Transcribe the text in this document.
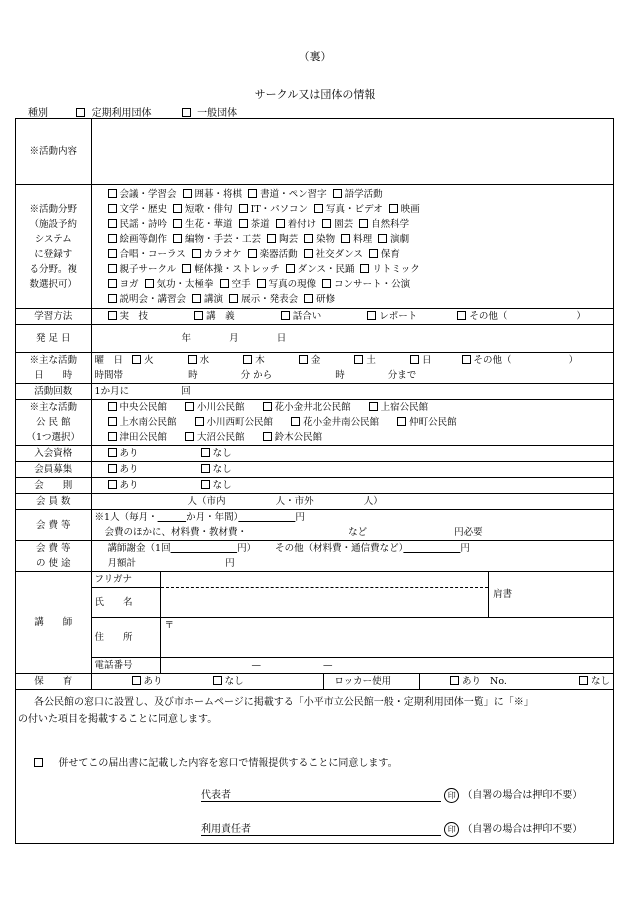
（裏）
サークル又は団体の情報
種別	定期利用団体	一般団体
※活動内容	

※活動分野
（施設予約
システム
に登録す
る分野。複
数選択可）

会議・学習会 囲碁・将棋 書道・ペン習字 語学活動
文学・歴史 短歌・俳句 IT・パソコン 写真・ビデオ 映画
民謡・詩吟 生花・華道 茶道 着付け 園芸 自然科学
絵画等創作 編物・手芸・工芸 陶芸 染物 料理 演劇
合唱・コーラス カラオケ 楽器活動 社交ダンス 保育
親子サークル 軽体操・ストレッチ ダンス・民踊 リトミック
ヨガ 気功・太極拳 空手 写真の現像 コンサート・公演
説明会・講習会 講演 展示・発表会 研修

学習方法	実　技	講　義	話合い	レポート	その他（	）
発 足 日	年	月	日

※主な活動
日　　時

曜　日 火	水	木	金	土	日	その他（	）
時間帯	時	分 から	時	分まで

活動回数	1か月に	回

※主な活動
公 民 館
（1つ選択）

中央公民館	小川公民館	花小金井北公民館	上宿公民館
上水南公民館	小川西町公民館	花小金井南公民館	仲町公民館
津田公民館	大沼公民館	鈴木公民館

入会資格	あり	なし
会員募集	あり	なし
会　　則	あり	なし
会 員 数	人（市内	人・市外	人）
会 費 等	
※1人（毎月・　　　	か月・年間）　　　　　　	円
会費のほかに、材料費・教材費・	など	円必要

会 費 等
の 使 途

講師謝金（1回　　　　　　　	円） その他（材料費・通信費など）　　　　　　	円
月額計	円

講　　師	フリガナ		肩書
氏　　名	
住　　所	〒

電話番号	—	—
保　　育		あり	なし	ロッカー使用	あり No.	なし
各公民館の窓口に設置し、及び市ホームページに掲載する「小平市立公民館一般・定期利用団体一覧」に「※」
の付いた項目を掲載することに同意します。
併せてこの届出書に記載した内容を窓口で情報提供することに同意します。
代表者	印 （自署の場合は押印不要）
利用責任者	印 （自署の場合は押印不要）
